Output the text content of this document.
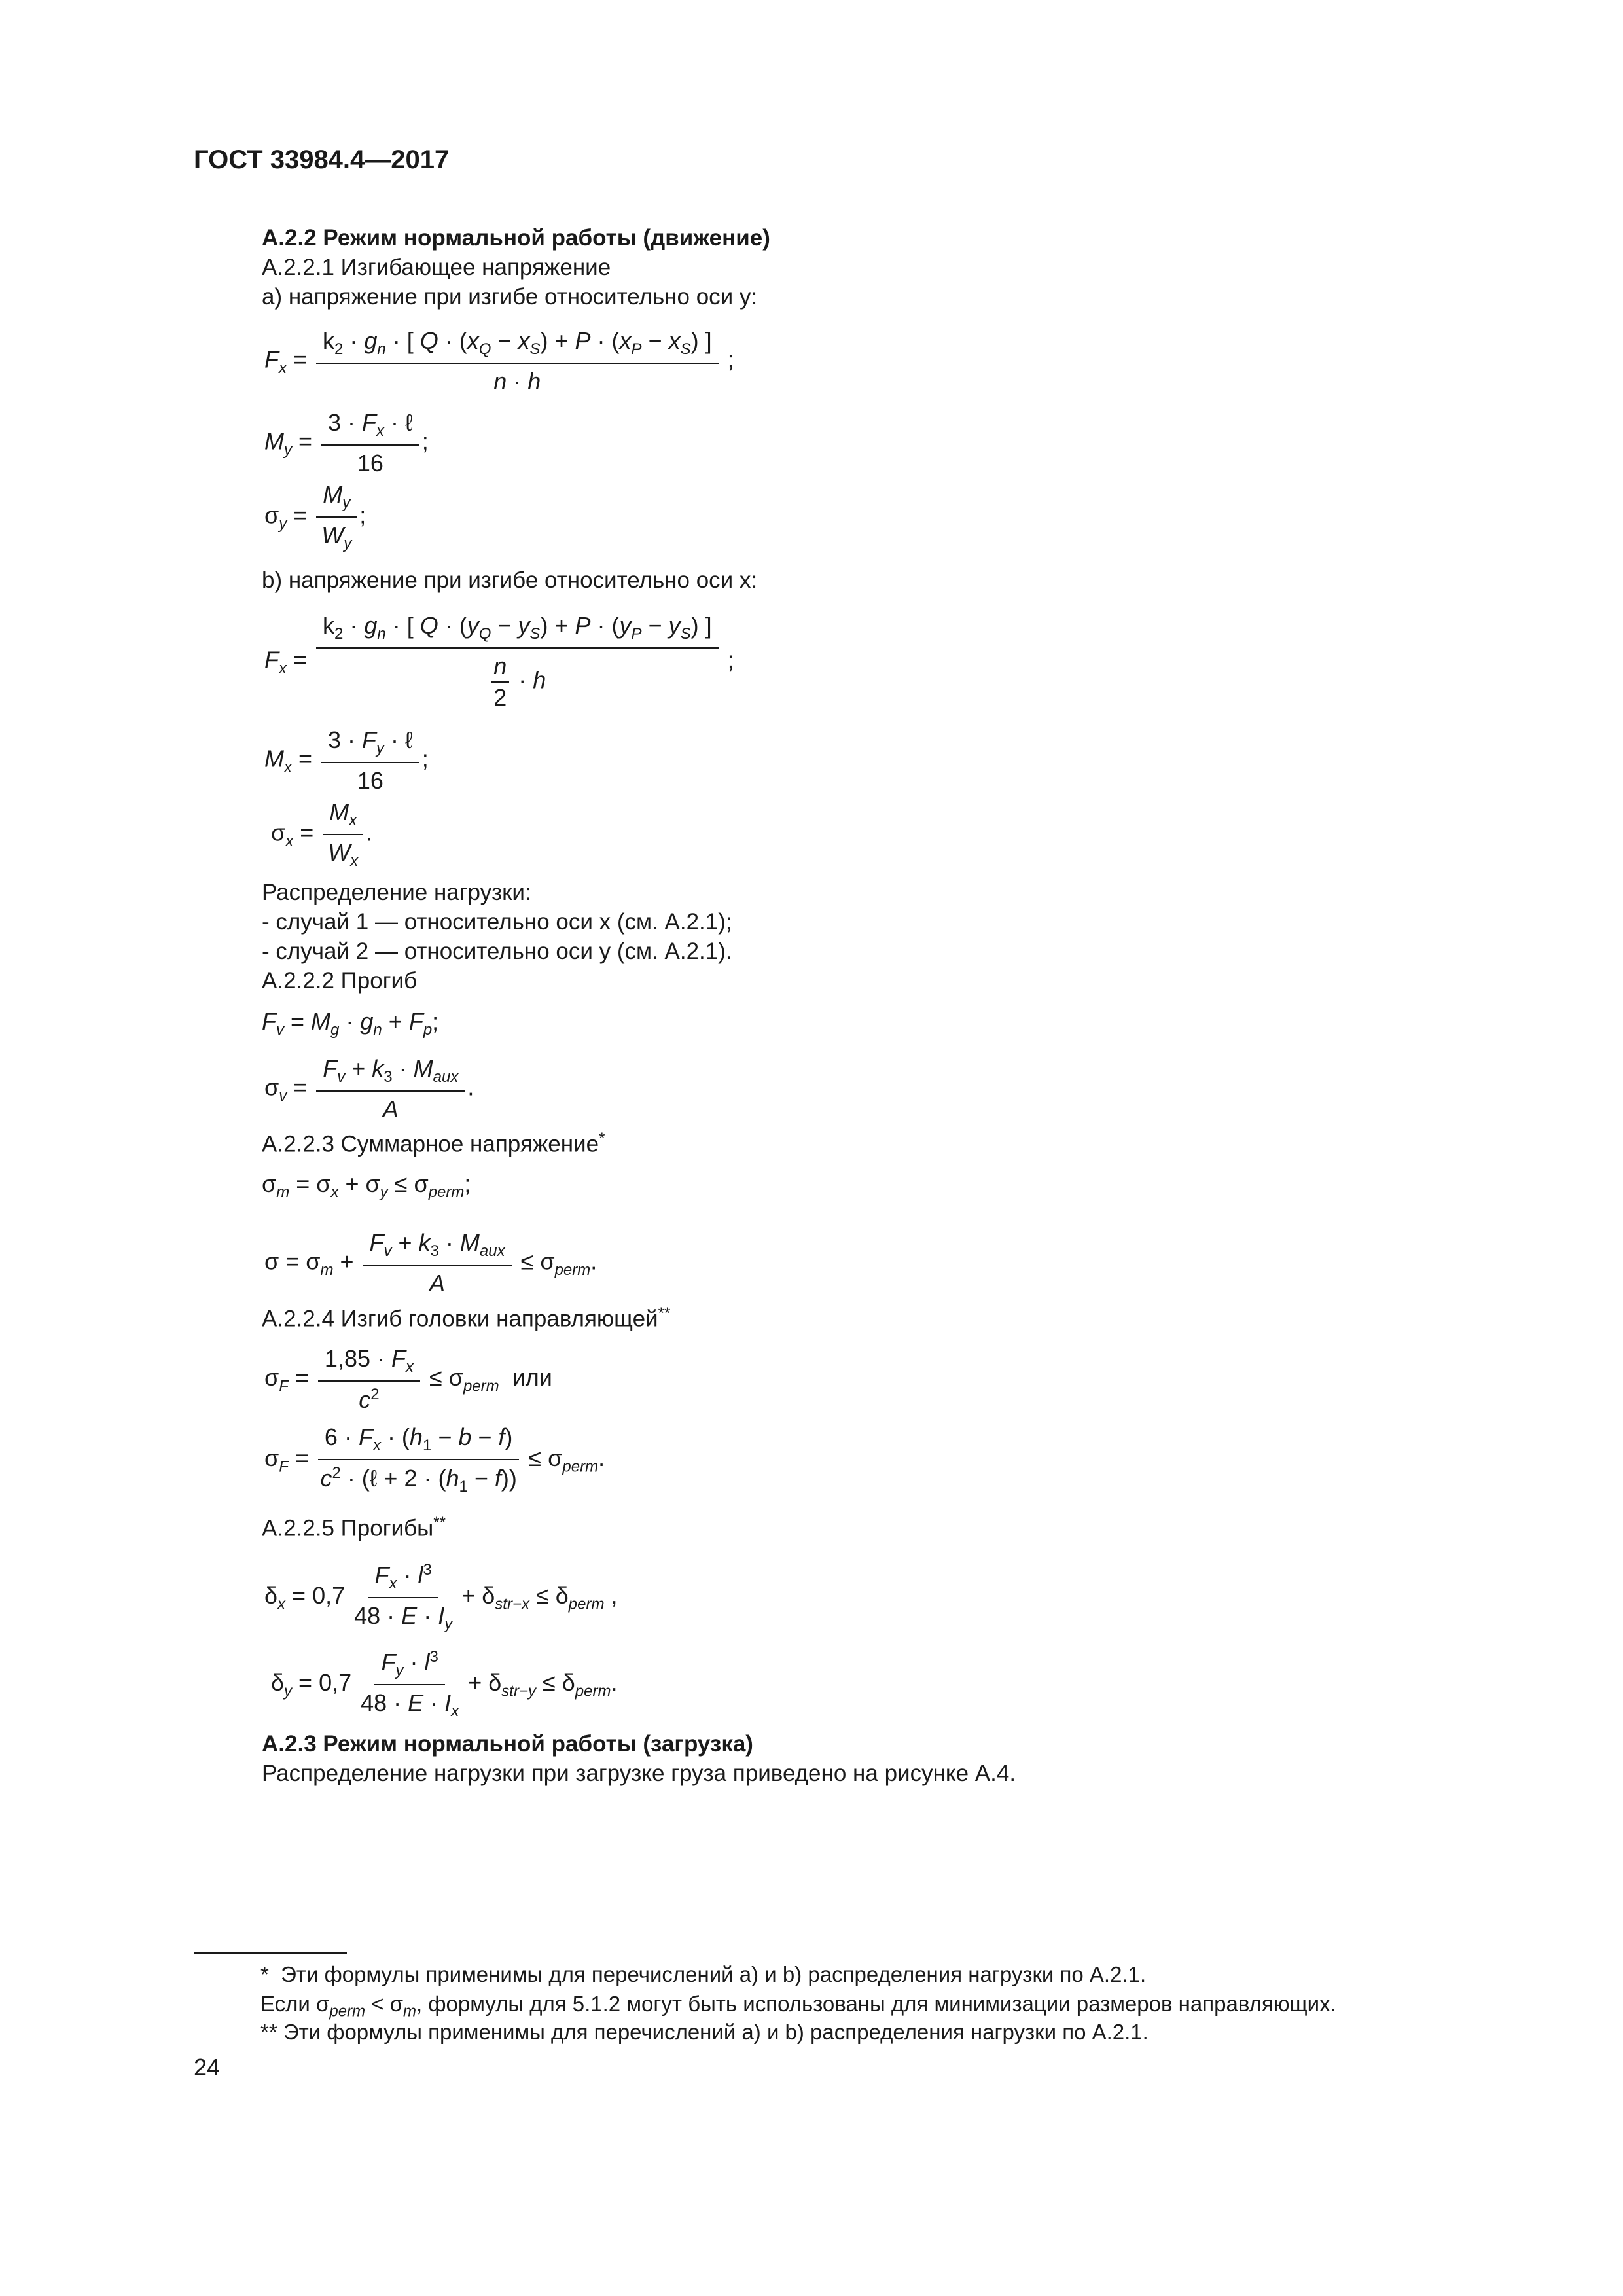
ГОСТ 33984.4—2017
А.2.2 Режим нормальной работы (движение)
А.2.2.1 Изгибающее напряжение
a) напряжение при изгибе относительно оси y:
$F_x = \frac{k_2 \cdot g_n \cdot [ Q \cdot (x_Q - x_S) + P \cdot (x_P - x_S) ]}{n \cdot h}$ ;
$M_y = \frac{3 \cdot F_x \cdot \ell}{16}$ ;
$\sigma_y = \frac{M_y}{W_y}$ ;
b) напряжение при изгибе относительно оси x:
$F_x = \frac{k_2 \cdot g_n \cdot [ Q \cdot (y_Q - y_S) + P \cdot (y_P - y_S) ]}{\frac{n}{2} \cdot h}$ ;
$M_x = \frac{3 \cdot F_y \cdot \ell}{16}$ ;
$\sigma_x = \frac{M_x}{W_x}$ .
Распределение нагрузки:
- случай 1 — относительно оси x (см. А.2.1);
- случай 2 — относительно оси y (см. А.2.1).
А.2.2.2 Прогиб
$F_v = M_g \cdot g_n + F_p$;
$\sigma_v = \frac{F_v + k_3 \cdot M_{aux}}{A}$ .
А.2.2.3 Суммарное напряжение*
$\sigma_m = \sigma_x + \sigma_y \le \sigma_{perm}$;
$\sigma = \sigma_m + \frac{F_v + k_3 \cdot M_{aux}}{A} \le \sigma_{perm}$.
А.2.2.4 Изгиб головки направляющей**
$\sigma_F = \frac{1,85 \cdot F_x}{c^2} \le \sigma_{perm}$ или
$\sigma_F = \frac{6 \cdot F_x \cdot (h_1 - b - f)}{c^2 \cdot (\ell + 2 \cdot (h_1 - f))} \le \sigma_{perm}$.
А.2.2.5 Прогибы**
$\delta_x = 0,7 \frac{F_x \cdot l^3}{48 \cdot E \cdot I_y} + \delta_{str-x} \le \delta_{perm}$ ,
$\delta_y = 0,7 \frac{F_y \cdot l^3}{48 \cdot E \cdot I_x} + \delta_{str-y} \le \delta_{perm}$.
А.2.3 Режим нормальной работы (загрузка)
Распределение нагрузки при загрузке груза приведено на рисунке А.4.
*  Эти формулы применимы для перечислений a) и b) распределения нагрузки по А.2.1.
Если $\sigma_{perm} < \sigma_m$, формулы для 5.1.2 могут быть использованы для минимизации размеров направляющих.
** Эти формулы применимы для перечислений a) и b) распределения нагрузки по А.2.1.
24
